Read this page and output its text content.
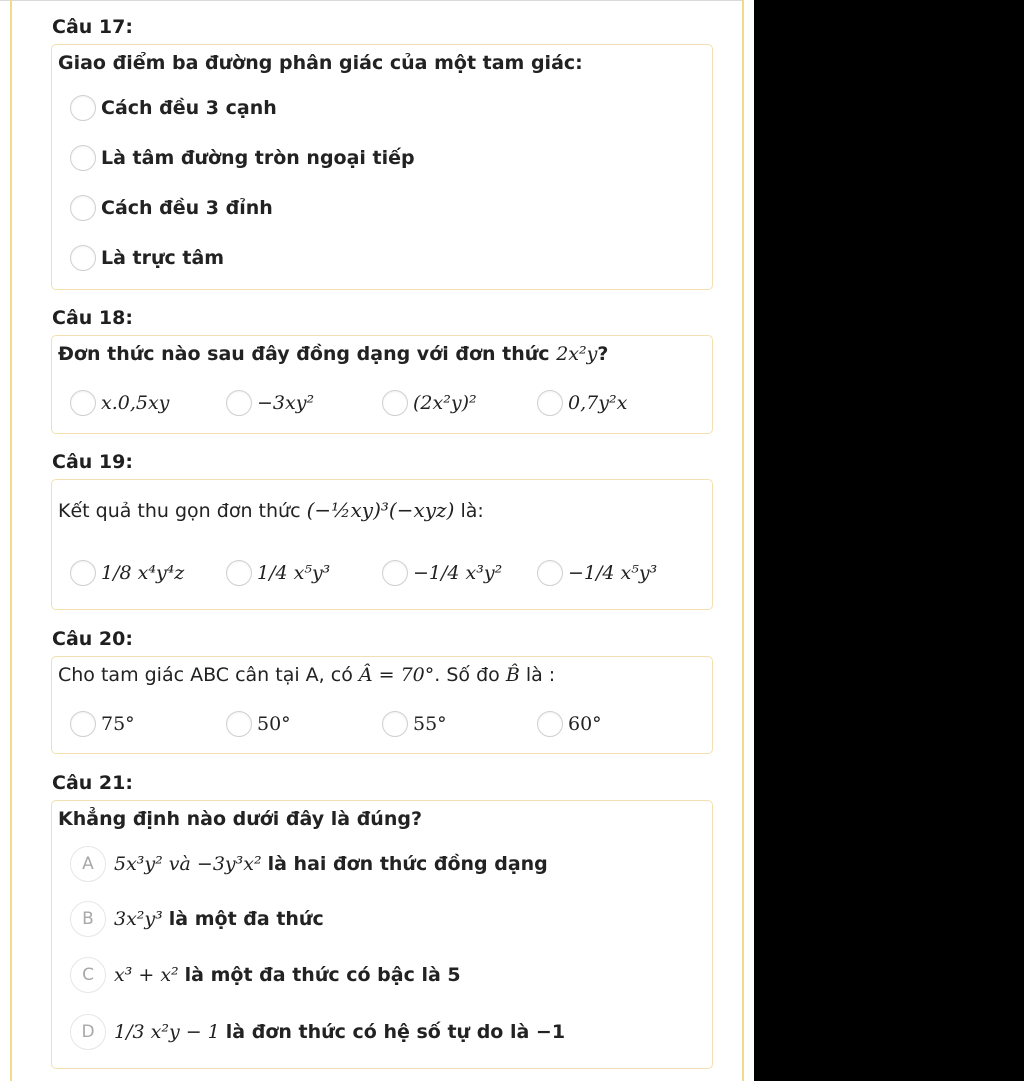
Câu 17:
Giao điểm ba đường phân giác của một tam giác:
Cách đều 3 cạnh
Là tâm đường tròn ngoại tiếp
Cách đều 3 đỉnh
Là trực tâm
Câu 18:
Đơn thức nào sau đây đồng dạng với đơn thức 2x²y?
x.0,5xy	−3xy²	(2x²y)²	0,7y²x
Câu 19:
Kết quả thu gọn đơn thức (−½xy)³(−xyz) là:
1/8 x⁴y⁴z	1/4 x⁵y³	−1/4 x³y²	−1/4 x⁵y³
Câu 20:
Cho tam giác ABC cân tại A, có Â = 70°. Số đo B̂ là :
75°	50°	55°	60°
Câu 21:
Khẳng định nào dưới đây là đúng?
A	5x³y² và −3y³x² là hai đơn thức đồng dạng
B	3x²y³ là một đa thức
C	x³ + x² là một đa thức có bậc là 5
D	1/3 x²y − 1 là đơn thức có hệ số tự do là −1
